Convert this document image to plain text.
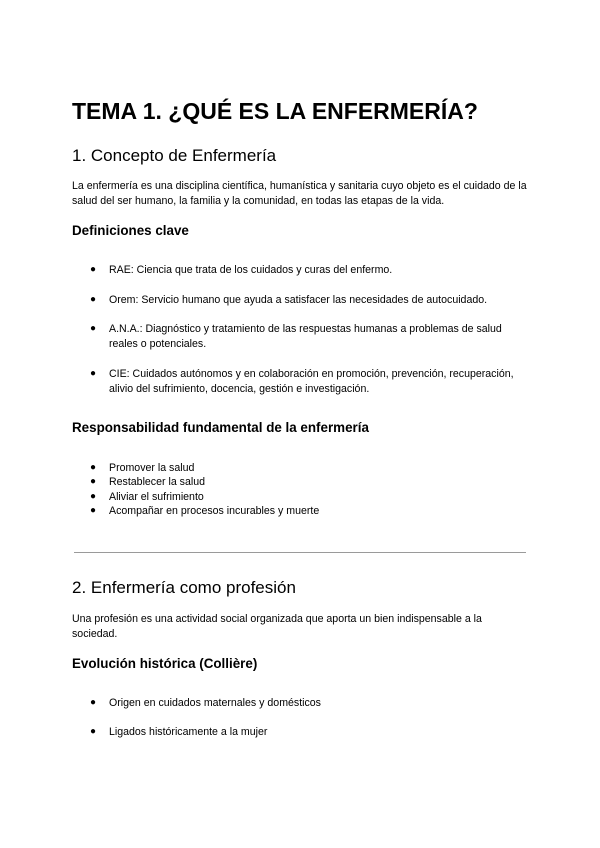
TEMA 1. ¿QUÉ ES LA ENFERMERÍA?
1. Concepto de Enfermería

La enfermería es una disciplina científica, humanística y sanitaria cuyo objeto es el cuidado de la salud del ser humano, la familia y la comunidad, en todas las etapas de la vida.

Definiciones clave
● RAE: Ciencia que trata de los cuidados y curas del enfermo.
● Orem: Servicio humano que ayuda a satisfacer las necesidades de autocuidado.
● A.N.A.: Diagnóstico y tratamiento de las respuestas humanas a problemas de salud reales o potenciales.
● CIE: Cuidados autónomos y en colaboración en promoción, prevención, recuperación, alivio del sufrimiento, docencia, gestión e investigación.
Responsabilidad fundamental de la enfermería
● Promover la salud
● Restablecer la salud
● Aliviar el sufrimiento
● Acompañar en procesos incurables y muerte
2. Enfermería como profesión

Una profesión es una actividad social organizada que aporta un bien indispensable a la sociedad.

Evolución histórica (Collière)
● Origen en cuidados maternales y domésticos
● Ligados históricamente a la mujer
